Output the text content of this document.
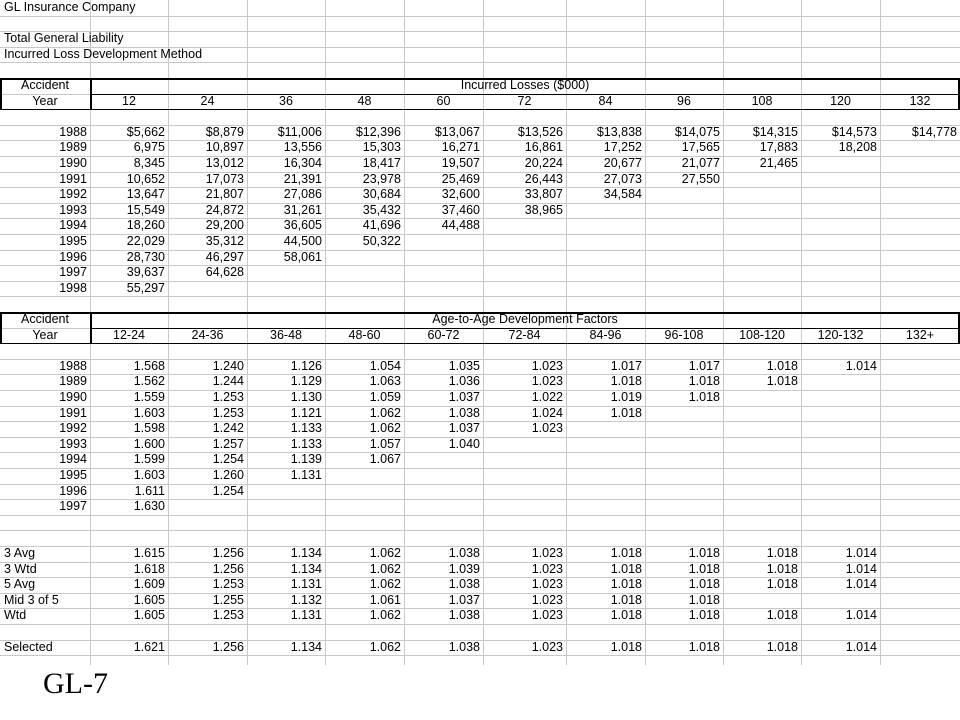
GL Insurance Company
Total General Liability
Incurred Loss Development Method
Accident	Incurred Losses ($000)
Year	12	24	36	48	60	72	84	96	108	120	132
1988	$5,662	$8,879	$11,006	$12,396	$13,067	$13,526	$13,838	$14,075	$14,315	$14,573	$14,778
1989	6,975	10,897	13,556	15,303	16,271	16,861	17,252	17,565	17,883	18,208
1990	8,345	13,012	16,304	18,417	19,507	20,224	20,677	21,077	21,465
1991	10,652	17,073	21,391	23,978	25,469	26,443	27,073	27,550
1992	13,647	21,807	27,086	30,684	32,600	33,807	34,584
1993	15,549	24,872	31,261	35,432	37,460	38,965
1994	18,260	29,200	36,605	41,696	44,488
1995	22,029	35,312	44,500	50,322
1996	28,730	46,297	58,061
1997	39,637	64,628
1998	55,297
Accident	Age-to-Age Development Factors
Year	12-24	24-36	36-48	48-60	60-72	72-84	84-96	96-108	108-120	120-132	132+
1988	1.568	1.240	1.126	1.054	1.035	1.023	1.017	1.017	1.018	1.014
1989	1.562	1.244	1.129	1.063	1.036	1.023	1.018	1.018	1.018
1990	1.559	1.253	1.130	1.059	1.037	1.022	1.019	1.018
1991	1.603	1.253	1.121	1.062	1.038	1.024	1.018
1992	1.598	1.242	1.133	1.062	1.037	1.023
1993	1.600	1.257	1.133	1.057	1.040
1994	1.599	1.254	1.139	1.067
1995	1.603	1.260	1.131
1996	1.611	1.254
1997	1.630
3 Avg	1.615	1.256	1.134	1.062	1.038	1.023	1.018	1.018	1.018	1.014
3 Wtd	1.618	1.256	1.134	1.062	1.039	1.023	1.018	1.018	1.018	1.014
5 Avg	1.609	1.253	1.131	1.062	1.038	1.023	1.018	1.018	1.018	1.014
Mid 3 of 5	1.605	1.255	1.132	1.061	1.037	1.023	1.018	1.018
Wtd	1.605	1.253	1.131	1.062	1.038	1.023	1.018	1.018	1.018	1.014
Selected	1.621	1.256	1.134	1.062	1.038	1.023	1.018	1.018	1.018	1.014
GL-7
